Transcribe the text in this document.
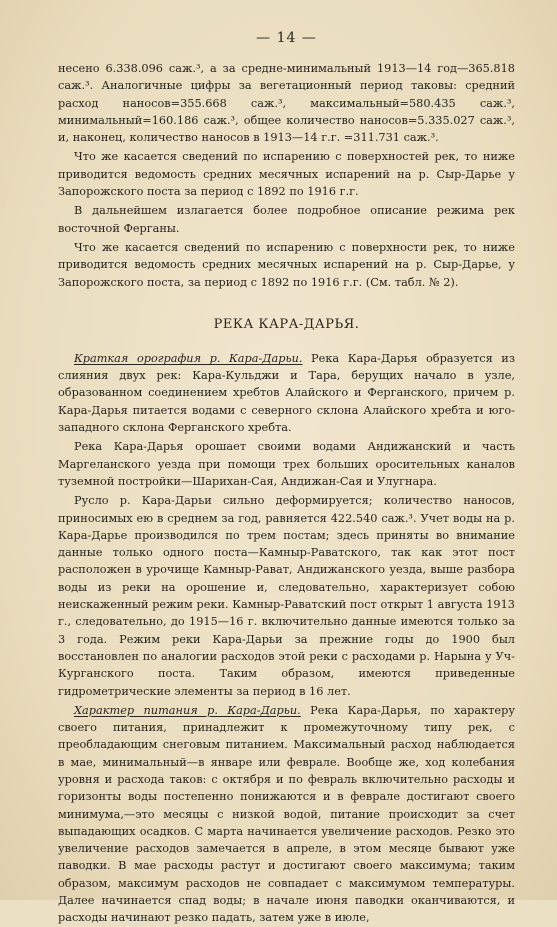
— 14 —

несено 6.338.096 саж.³, а за средне-минимальный 1913—14 год—365.818 саж.³. Аналогичные цифры за вегетационный период таковы: средний расход наносов=355.668 саж.³, максимальный=580.435 саж.³, минимальный=160.186 саж.³, общее количество наносов=5.335.027 саж.³, и, наконец, количество наносов в 1913—14 г.г. =311.731 саж.³.

Что же касается сведений по испарению с поверхностей рек, то ниже приводится ведомость средних месячных испарений на р. Сыр-Дарье у Запорожского поста за период с 1892 по 1916 г.г.

В дальнейшем излагается более подробное описание режима рек восточной Ферганы.

Что же касается сведений по испарению с поверхности рек, то ниже приводится ведомость средних месячных испарений на р. Сыр-Дарье, у Запорожского поста, за период с 1892 по 1916 г.г. (См. табл. № 2).

РЕКА КАРА-ДАРЬЯ.

Краткая орография р. Кара-Дарьи. Река Кара-Дарья образуется из слияния двух рек: Кара-Кульджи и Тара, берущих начало в узле, образованном соединением хребтов Алайского и Ферганского, причем р. Кара-Дарья питается водами с северного склона Алайского хребта и юго-западного склона Ферганского хребта.

Река Кара-Дарья орошает своими водами Андижанский и часть Маргеланского уезда при помощи трех больших оросительных каналов туземной постройки—Шарихан-Сая, Андижан-Сая и Улугнара.

Русло р. Кара-Дарьи сильно деформируется; количество наносов, приносимых ею в среднем за год, равняется 422.540 саж.³. Учет воды на р. Кара-Дарье производился по трем постам; здесь приняты во внимание данные только одного поста—Камныр-Раватского, так как этот пост расположен в урочище Камныр-Рават, Андижанского уезда, выше разбора воды из реки на орошение и, следовательно, характеризует собою неискаженный режим реки. Камныр-Раватский пост открыт 1 августа 1913 г., следовательно, до 1915—16 г. включительно данные имеются только за 3 года. Режим реки Кара-Дарьи за прежние годы до 1900 был восстановлен по аналогии расходов этой реки с расходами р. Нарына у Уч-Курганского поста. Таким образом, имеются приведенные гидрометрические элементы за период в 16 лет.

Характер питания р. Кара-Дарьи. Река Кара-Дарья, по характеру своего питания, принадлежит к промежуточному типу рек, с преобладающим снеговым питанием. Максимальный расход наблюдается в мае, минимальный—в январе или феврале. Вообще же, ход колебания уровня и расхода таков: с октября и по февраль включительно расходы и горизонты воды постепенно понижаются и в феврале достигают своего минимума,—это месяцы с низкой водой, питание происходит за счет выпадающих осадков. С марта начинается увеличение расходов. Резко это увеличение расходов замечается в апреле, в этом месяце бывают уже паводки. В мае расходы растут и достигают своего максимума; таким образом, максимум расходов не совпадает с максимумом температуры. Далее начинается спад воды; в начале июня паводки оканчиваются, и расходы начинают резко падать, затем уже в июле,
